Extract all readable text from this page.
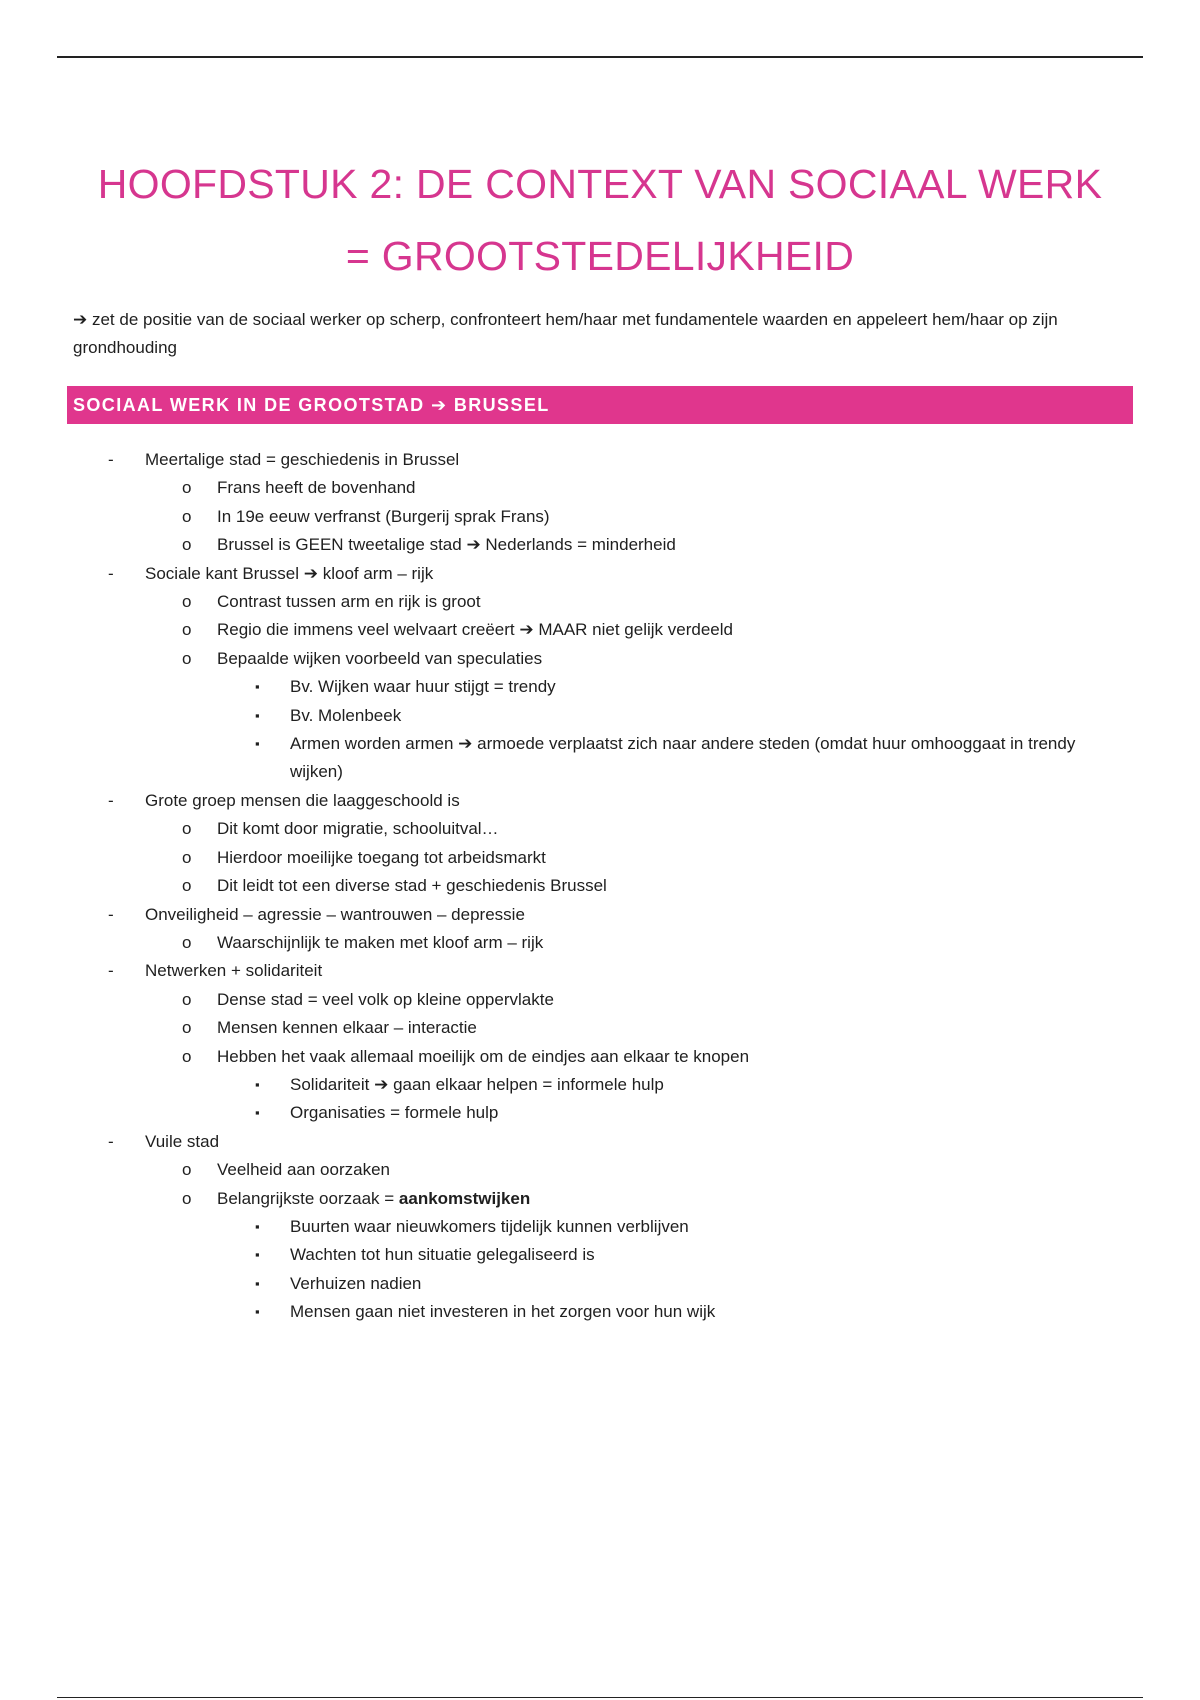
HOOFDSTUK 2: DE CONTEXT VAN SOCIAAL WERK
= GROOTSTEDELIJKHEID
➔ zet de positie van de sociaal werker op scherp, confronteert hem/haar met fundamentele waarden en appeleert hem/haar op zijn grondhouding
SOCIAAL WERK IN DE GROOTSTAD ➔ BRUSSEL
- Meertalige stad = geschiedenis in Brussel
o Frans heeft de bovenhand
o In 19e eeuw verfranst (Burgerij sprak Frans)
o Brussel is GEEN tweetalige stad ➔ Nederlands = minderheid
- Sociale kant Brussel ➔ kloof arm – rijk
o Contrast tussen arm en rijk is groot
o Regio die immens veel welvaart creëert ➔ MAAR niet gelijk verdeeld
o Bepaalde wijken voorbeeld van speculaties
▪ Bv. Wijken waar huur stijgt = trendy
▪ Bv. Molenbeek
▪ Armen worden armen ➔ armoede verplaatst zich naar andere steden (omdat huur omhooggaat in trendy wijken)
- Grote groep mensen die laaggeschoold is
o Dit komt door migratie, schooluitval…
o Hierdoor moeilijke toegang tot arbeidsmarkt
o Dit leidt tot een diverse stad + geschiedenis Brussel
- Onveiligheid – agressie – wantrouwen – depressie
o Waarschijnlijk te maken met kloof arm – rijk
- Netwerken + solidariteit
o Dense stad = veel volk op kleine oppervlakte
o Mensen kennen elkaar – interactie
o Hebben het vaak allemaal moeilijk om de eindjes aan elkaar te knopen
▪ Solidariteit ➔ gaan elkaar helpen = informele hulp
▪ Organisaties = formele hulp
- Vuile stad
o Veelheid aan oorzaken
o Belangrijkste oorzaak = aankomstwijken
▪ Buurten waar nieuwkomers tijdelijk kunnen verblijven
▪ Wachten tot hun situatie gelegaliseerd is
▪ Verhuizen nadien
▪ Mensen gaan niet investeren in het zorgen voor hun wijk
